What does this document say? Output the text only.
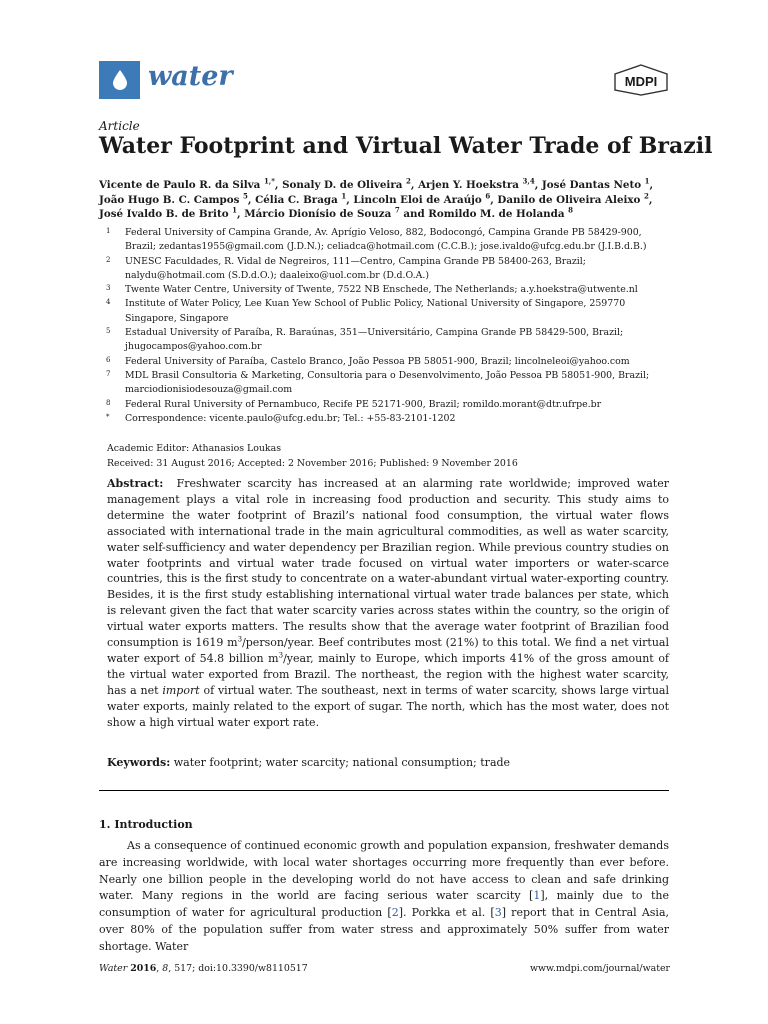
water	MDPI
Article
Water Footprint and Virtual Water Trade of Brazil
Vicente de Paulo R. da Silva $^{1,*}$, Sonaly D. de Oliveira $^2$, Arjen Y. Hoekstra $^{3,4}$, José Dantas Neto $^1$, João Hugo B. C. Campos $^5$, Célia C. Braga $^1$, Lincoln Eloi de Araújo $^6$, Danilo de Oliveira Aleixo $^2$, José Ivaldo B. de Brito $^1$, Márcio Dionísio de Souza $^7$ and Romildo M. de Holanda $^8$
1	Federal University of Campina Grande, Av. Aprígio Veloso, 882, Bodocongó, Campina Grande PB 58429-900, Brazil; zedantas1955@gmail.com (J.D.N.); celiadca@hotmail.com (C.C.B.); jose.ivaldo@ufcg.edu.br (J.I.B.d.B.)
2	UNESC Faculdades, R. Vidal de Negreiros, 111—Centro, Campina Grande PB 58400-263, Brazil; nalydu@hotmail.com (S.D.d.O.); daaleixo@uol.com.br (D.d.O.A.)
3	Twente Water Centre, University of Twente, 7522 NB Enschede, The Netherlands; a.y.hoekstra@utwente.nl
4	Institute of Water Policy, Lee Kuan Yew School of Public Policy, National University of Singapore, 259770 Singapore, Singapore
5	Estadual University of Paraíba, R. Baraúnas, 351—Universitário, Campina Grande PB 58429-500, Brazil; jhugocampos@yahoo.com.br
6	Federal University of Paraíba, Castelo Branco, João Pessoa PB 58051-900, Brazil; lincolneleoi@yahoo.com
7	MDL Brasil Consultoria & Marketing, Consultoria para o Desenvolvimento, João Pessoa PB 58051-900, Brazil; marciodionisiodesouza@gmail.com
8	Federal Rural University of Pernambuco, Recife PE 52171-900, Brazil; romildo.morant@dtr.ufrpe.br
*	Correspondence: vicente.paulo@ufcg.edu.br; Tel.: +55-83-2101-1202
Academic Editor: Athanasios Loukas
Received: 31 August 2016; Accepted: 2 November 2016; Published: 9 November 2016
Abstract: Freshwater scarcity has increased at an alarming rate worldwide; improved water management plays a vital role in increasing food production and security. This study aims to determine the water footprint of Brazil’s national food consumption, the virtual water flows associated with international trade in the main agricultural commodities, as well as water scarcity, water self-sufficiency and water dependency per Brazilian region. While previous country studies on water footprints and virtual water trade focused on virtual water importers or water-scarce countries, this is the first study to concentrate on a water-abundant virtual water-exporting country. Besides, it is the first study establishing international virtual water trade balances per state, which is relevant given the fact that water scarcity varies across states within the country, so the origin of virtual water exports matters. The results show that the average water footprint of Brazilian food consumption is 1619 $m^3/person$/year. Beef contributes most (21%) to this total. We find a net virtual water export of 54.8 billion $m^3$/year, mainly to Europe, which imports 41% of the gross amount of the virtual water exported from Brazil. The northeast, the region with the highest water scarcity, has a net import of virtual water. The southeast, next in terms of water scarcity, shows large virtual water exports, mainly related to the export of sugar. The north, which has the most water, does not show a high virtual water export rate.
Keywords: water footprint; water scarcity; national consumption; trade
1. Introduction
As a consequence of continued economic growth and population expansion, freshwater demands are increasing worldwide, with local water shortages occurring more frequently than ever before. Nearly one billion people in the developing world do not have access to clean and safe drinking water. Many regions in the world are facing serious water scarcity [1], mainly due to the consumption of water for agricultural production [2]. Porkka et al. [3] report that in Central Asia, over 80% of the population suffer from water stress and approximately 50% suffer from water shortage. Water
Water 2016, 8, 517; doi:10.3390/w8110517	www.mdpi.com/journal/water
